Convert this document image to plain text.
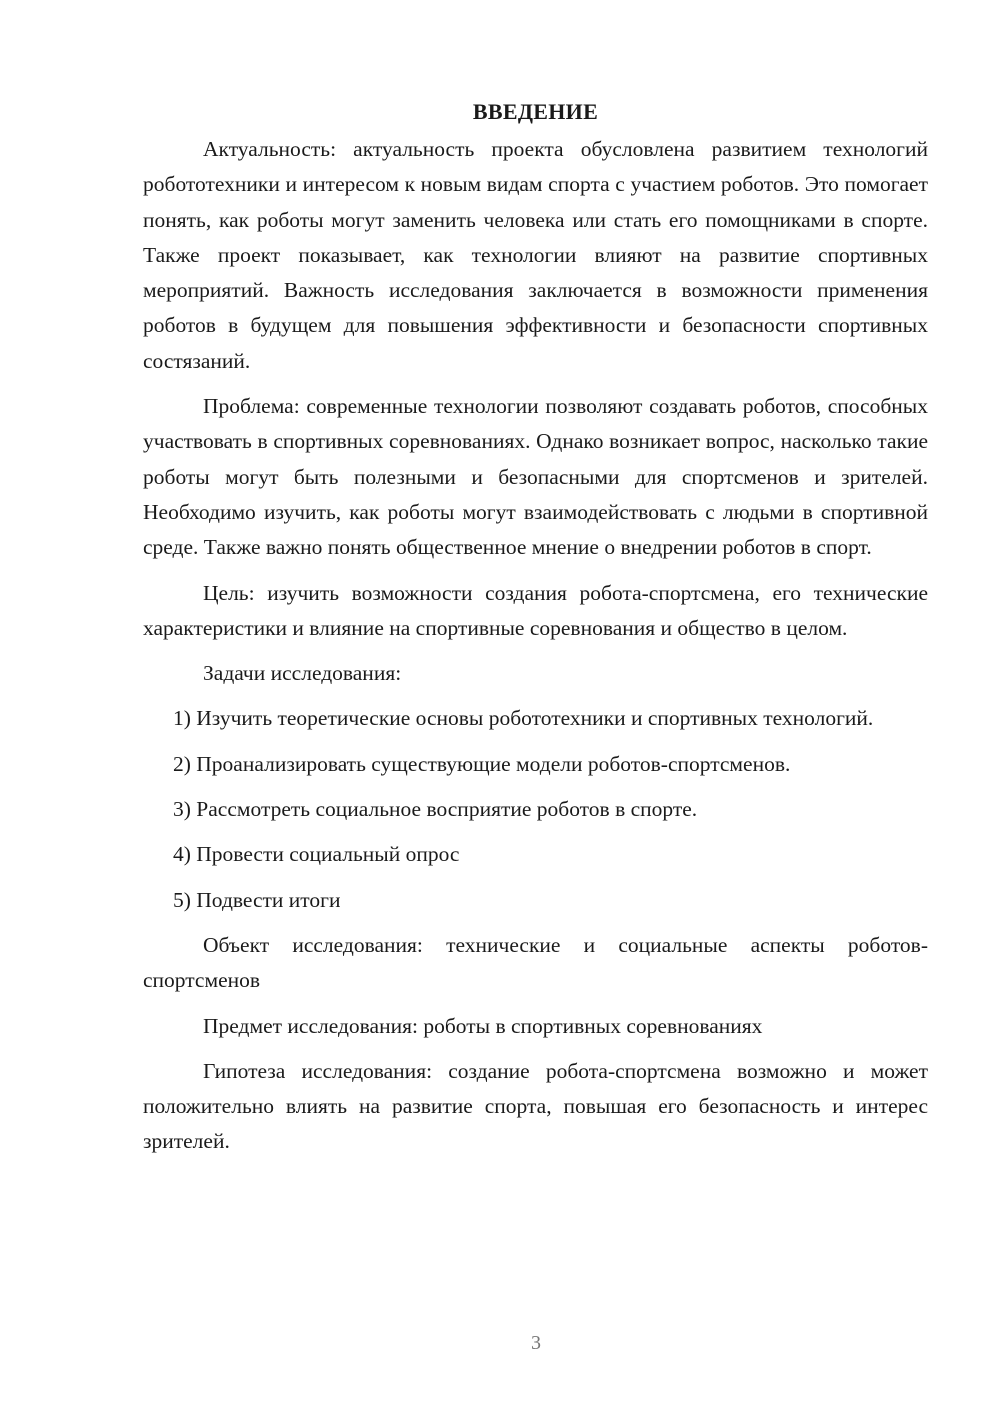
ВВЕДЕНИЕ

Актуальность: актуальность проекта обусловлена развитием технологий робототехники и интересом к новым видам спорта с участием роботов. Это помогает понять, как роботы могут заменить человека или стать его помощниками в спорте. Также проект показывает, как технологии влияют на развитие спортивных мероприятий. Важность исследования заключается в возможности применения роботов в будущем для повышения эффективности и безопасности спортивных состязаний.

Проблема: современные технологии позволяют создавать роботов, способных участвовать в спортивных соревнованиях. Однако возникает вопрос, насколько такие роботы могут быть полезными и безопасными для спортсменов и зрителей. Необходимо изучить, как роботы могут взаимодействовать с людьми в спортивной среде. Также важно понять общественное мнение о внедрении роботов в спорт.

Цель: изучить возможности создания робота-спортсмена, его технические характеристики и влияние на спортивные соревнования и общество в целом.

Задачи исследования:

1) Изучить теоретические основы робототехники и спортивных технологий.

2) Проанализировать существующие модели роботов-спортсменов.

3) Рассмотреть социальное восприятие роботов в спорте.

4) Провести социальный опрос

5) Подвести итоги

Объект исследования: технические и социальные аспекты роботов-спортсменов

Предмет исследования: роботы в спортивных соревнованиях

Гипотеза исследования: создание робота-спортсмена возможно и может положительно влиять на развитие спорта, повышая его безопасность и интерес зрителей.

3
